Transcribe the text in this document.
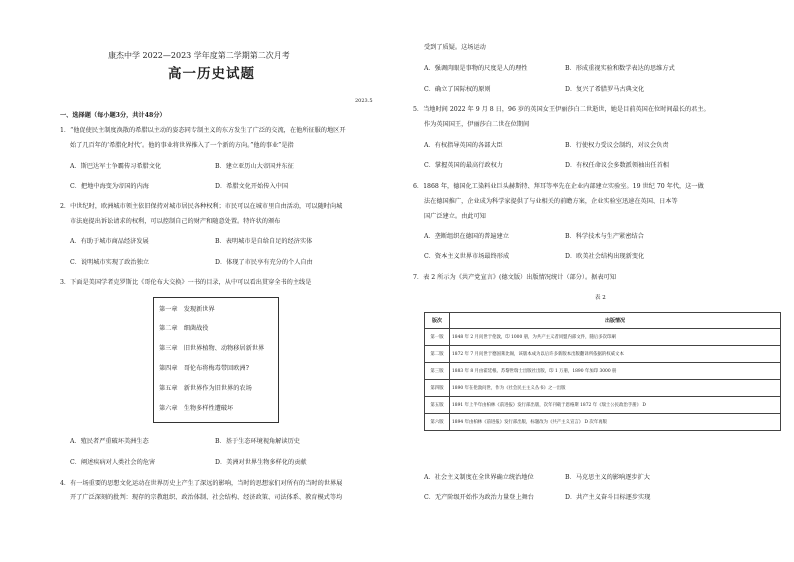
康杰中学 2022—2023 学年度第二学期第二次月考
高一历史试题
2023.5
一、选择题（每小题3分，共计48分）
1．“他促使民主制度涣散的希腊以主动的姿态同专制主义的东方发生了广泛的交流，在他所征服的地区开
始了几百年的‘希腊化时代’。他的事业将世界推入了一个新的方向。”他的事业”是指
A．斯巴达军士争霸传习希腊文化	B．建立亚历山大帝国并东征
C．把地中海变为帝国的内海	D．希腊文化开始传入中国
2．中世纪时，欧洲城市领主依旧保持对城市居民各种权利；市民可以在城市里自由活动，可以随时向城
市法庭提出诉讼请求的权利，可以控制自己的财产和随意处置。特许状的颁布
A．有助于城市商品经济发展	B．表明城市是自给自足的经济实体
C．说明城市实现了政治独立	D．体现了市民享有充分的个人自由
3．下面是美国学者克罗斯比《哥伦布大交换》一书的目录，从中可以看出贯穿全书的主线是
第一章　发现新世界
第二章　细菌战役
第三章　旧世界植物、动物移居新世界
第四章　哥伦布将梅毒带回欧洲?
第五章　新世界作为旧世界的农场
第六章　生物多样性遭破坏
A．殖民者严重破坏美洲生态	B．基于生态环境视角解读历史
C．阐述疾病对人类社会的危害	D．美洲对世界生物多样化的贡献
4．有一场重要的思想文化运动在世界历史上产生了深远的影响，当时的思想家们对所有的当时的世界展
开了广泛深刻的批判：现存的宗教组织、政治体制、社会结构、经济政策、司法体系、教育模式等均
受到了质疑。这场运动
A．强调肉眼是事物的尺度是人的理性	B．形成重视实验和数学表达的思维方式
C．确立了国际权的原则	D．复兴了希腊罗马古典文化
5．当地时间 2022 年 9 月 8 日，96 岁的英国女王伊丽莎白二世逝世，她是目前英国在位时间最长的君主。
作为英国国王，伊丽莎白二世在位期间
A．有权指导英国的各部大臣	B．行使权力受议会制约，对议会负责
C．掌握英国的最高行政权力	D．有权任命议会多数派领袖出任首相
6．1868 年，德国化工染料业巨头赫斯特、拜耳等率先在企业内部建立实验室。19 世纪 70 年代，这一做
法在德国推广，企业成为科学家提供了与业相关的前瞻方案，企业实验室迅速在英国、日本等
国广泛建立。由此可知
A．垄断组织在德国的普遍建立	B．科学技术与生产紧密结合
C．资本主义世界市场最终形成	D．欧美社会结构出现新变化
7．表 2 所示为《共产党宣言》(德文版）出版情况统计（部分）。据表可知
表 2
版次	出版情况
第一版	1848 年 2 月问世于伦敦，印 1000 册，为共产主义者同盟内部文件，随后多次印刷
第二版	1872 年 7 月问世于德国莱比锡，该版本成为以后许多新版本出版翻译所依据的权威文本
第三版	1883 年 8 月由霍廷根、苏黎世瑞士出版社出版，印 1 万册，1890 年加印 3000 册
第四版	1890 年在伦敦问世，作为《社会民主主义丛书》之一出版
第五版	1891 年上半年由柏林《前进报》发行部出版，次年刊载于恩格斯 1872 年《瑞士公民政治手册》 D
第六版	1894 年由柏林《前进报》发行部出版，标题改为《共产主义宣言》 D 次年再版
A．社会主义制度在全世界确立统治地位	B．马克思主义的影响逐步扩大
C．无产阶级开始作为政治力量登上舞台	D．共产主义奋斗目标逐步实现
